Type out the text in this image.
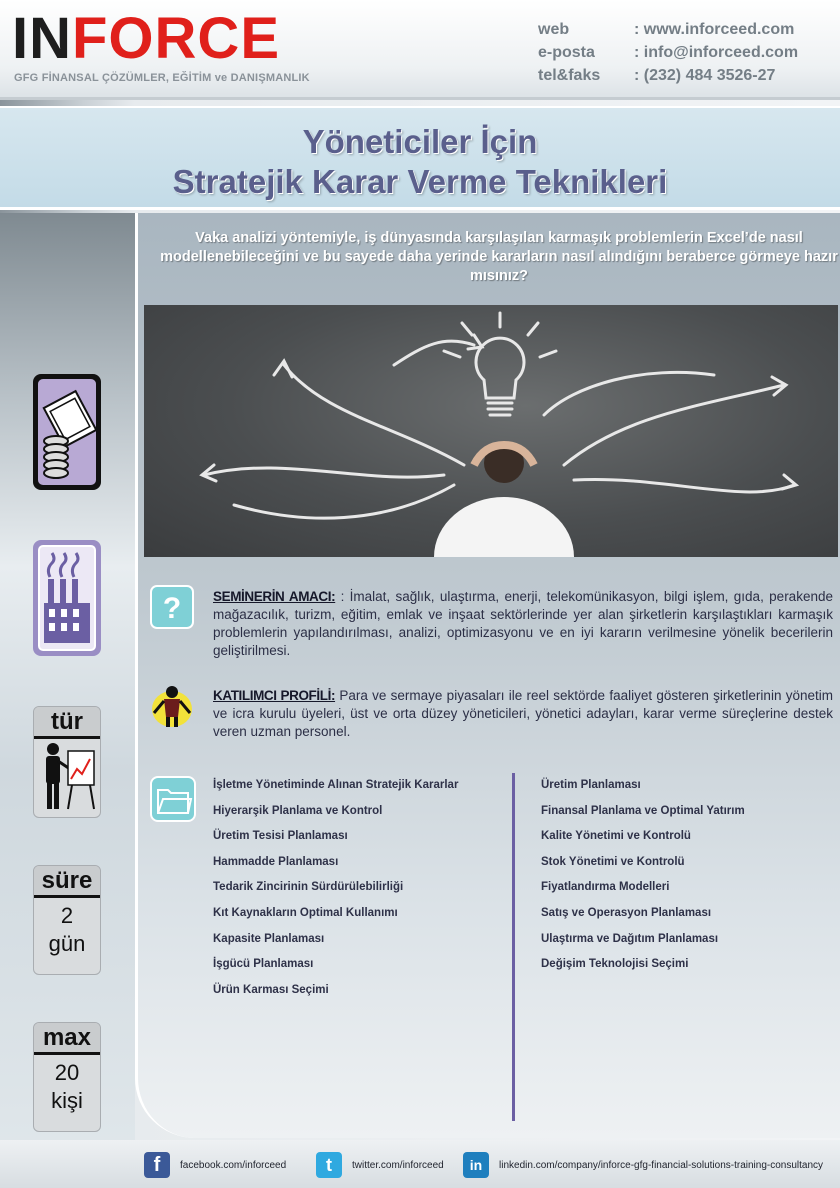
INFORCE
GFG FİNANSAL ÇÖZÜMLER, EĞİTİM ve DANIŞMANLIK
web	: www.inforceed.com
e-posta	: info@inforceed.com
tel&faks	: (232) 484 3526-27
Yöneticiler İçin
Stratejik Karar Verme Teknikleri
tür
süre
2
gün
max
20
kişi
Vaka analizi yöntemiyle, iş dünyasında karşılaşılan karmaşık problemlerin Excel’de nasıl modellenebileceğini ve bu sayede daha yerinde kararların nasıl alındığını beraberce görmeye hazır mısınız?
? SEMİNERİN AMACI: : İmalat, sağlık, ulaştırma, enerji, telekomünikasyon, bilgi işlem, gıda, perakende mağazacılık, turizm, eğitim, emlak ve inşaat sektörlerinde yer alan şirketlerin karşılaştıkları karmaşık problemlerin yapılandırılması, analizi, optimizasyonu ve en iyi kararın verilmesine yönelik becerilerin geliştirilmesi.
KATILIMCI PROFİLİ: Para ve sermaye piyasaları ile reel sektörde faaliyet gösteren şirketlerinin yönetim ve icra kurulu üyeleri, üst ve orta düzey yöneticileri, yönetici adayları, karar verme süreçlerine destek veren uzman personel.
İşletme Yönetiminde Alınan Stratejik Kararlar
Hiyerarşik Planlama ve Kontrol
Üretim Tesisi Planlaması
Hammadde Planlaması
Tedarik Zincirinin Sürdürülebilirliği
Kıt Kaynakların Optimal Kullanımı
Kapasite Planlaması
İşgücü Planlaması
Ürün Karması Seçimi
Üretim Planlaması
Finansal Planlama ve Optimal Yatırım
Kalite Yönetimi ve Kontrolü
Stok Yönetimi ve Kontrolü
Fiyatlandırma Modelleri
Satış ve Operasyon Planlaması
Ulaştırma ve Dağıtım Planlaması
Değişim Teknolojisi Seçimi
f	facebook.com/inforceed	t	twitter.com/inforceed	in	linkedin.com/company/inforce-gfg-financial-solutions-training-consultancy
